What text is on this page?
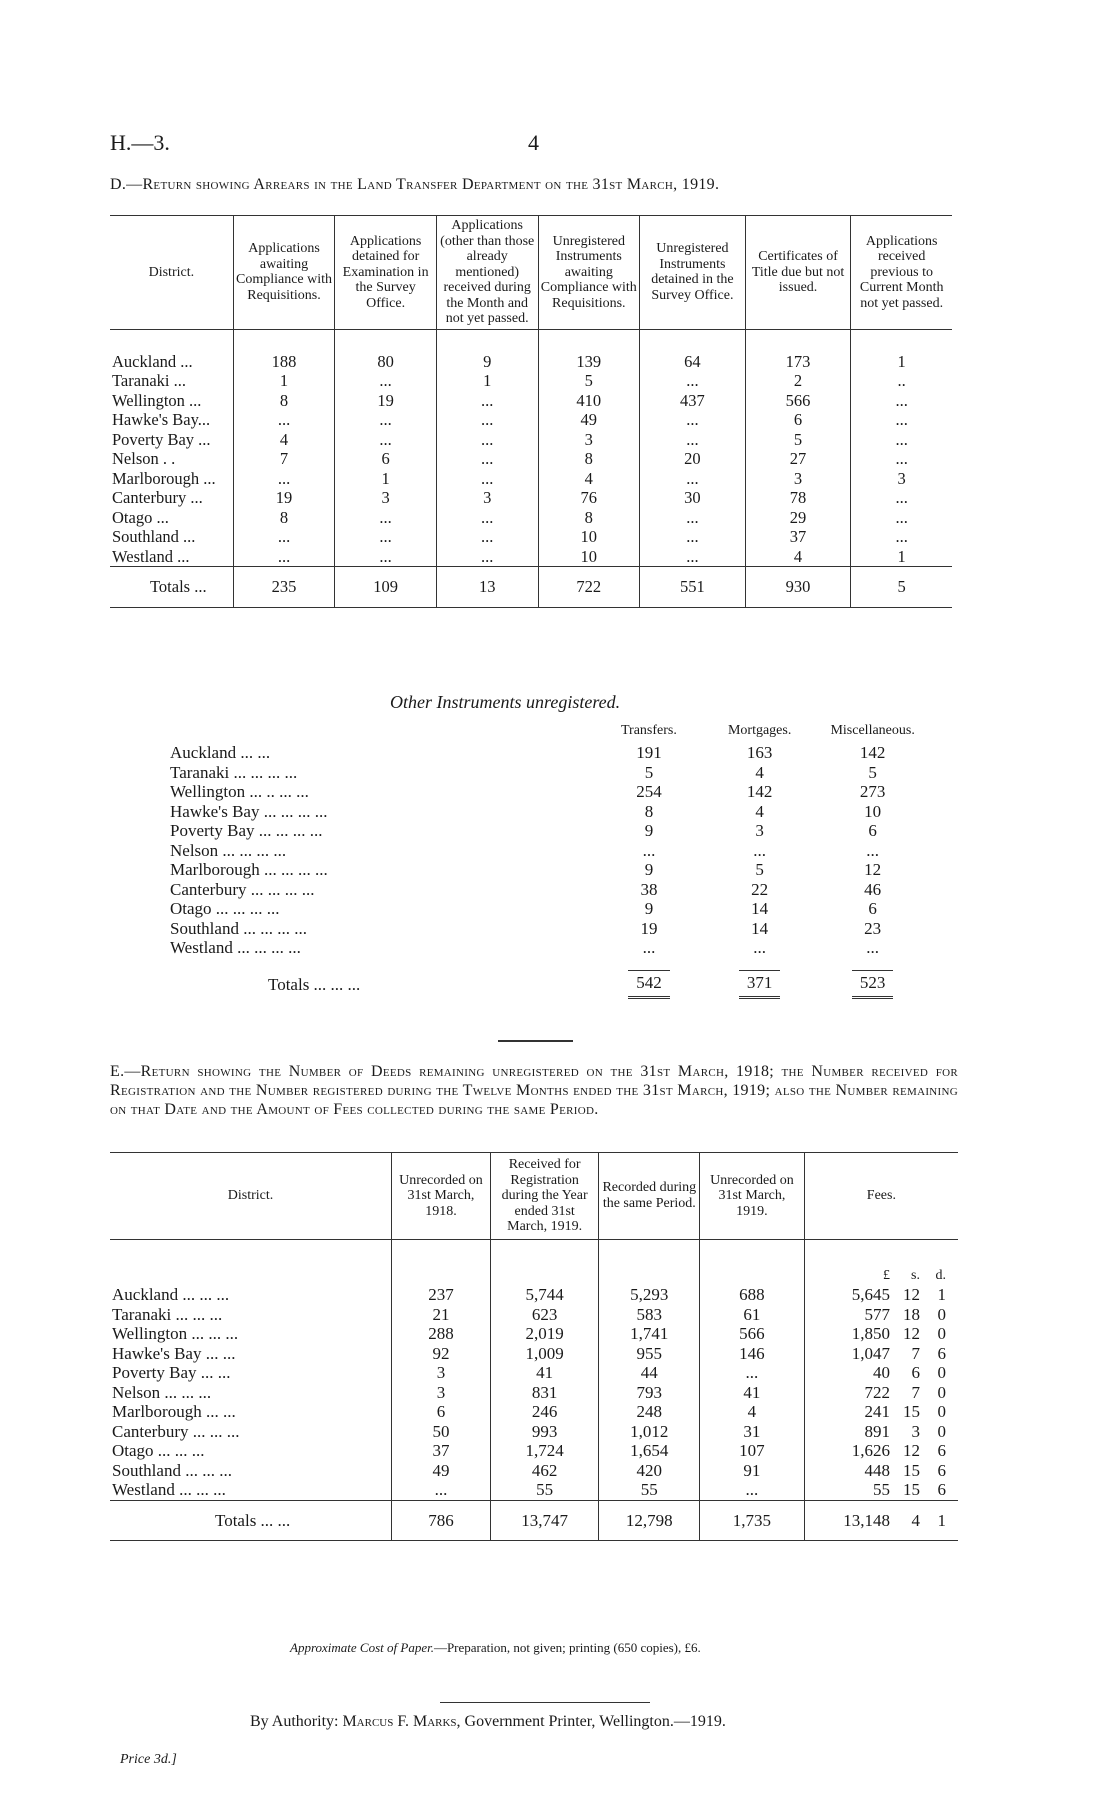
H.—3.	4
D.—Return showing Arrears in the Land Transfer Department on the 31st March, 1919.
District.	Applications awaiting Compliance with Requisitions.	Applications detained for Examination in the Survey Office.	Applications (other than those already mentioned) received during the Month and not yet passed.	Unregistered Instruments awaiting Compliance with Requisitions.	Unregistered Instruments detained in the Survey Office.	Certificates of Title due but not issued.	Applications received previous to Current Month not yet passed.
Auckland ...	188	80	9	139	64	173	1
Taranaki ...	1	...	1	5	...	2	..
Wellington ...	8	19	...	410	437	566	...
Hawke's Bay...	...	...	...	49	...	6	...
Poverty Bay ...	4	...	...	3	...	5	...
Nelson . .	7	6	...	8	20	27	...
Marlborough ...	...	1	...	4	...	3	3
Canterbury ...	19	3	3	76	30	78	...
Otago ...	8	...	...	8	...	29	...
Southland ...	...	...	...	10	...	37	...
Westland ...	...	...	...	10	...	4	1
Totals ...	235	109	13	722	551	930	5
Other Instruments unregistered.
	Transfers.	Mortgages.	Miscellaneous.
Auckland ... ...	191	163	142
Taranaki ... ... ... ...	5	4	5
Wellington ... .. ... ...	254	142	273
Hawke's Bay ... ... ... ...	8	4	10
Poverty Bay ... ... ... ...	9	3	6
Nelson ... ... ... ...	...	...	...
Marlborough ... ... ... ...	9	5	12
Canterbury ... ... ... ...	38	22	46
Otago ... ... ... ...	9	14	6
Southland ... ... ... ...	19	14	23
Westland ... ... ... ...	...	...	...
Totals ... ... ...	542	371	523
E.—Return showing the Number of Deeds remaining unregistered on the 31st March, 1918; the Number received for Registration and the Number registered during the Twelve Months ended the 31st March, 1919; also the Number remaining on that Date and the Amount of Fees collected during the same Period.
District.	Unrecorded on 31st March, 1918.	Received for Registration during the Year ended 31st March, 1919.	Recorded during the same Period.	Unrecorded on 31st March, 1919.	Fees.
					£ s. d.
Auckland ... ... ...	237	5,744	5,293	688	5,645 12 1
Taranaki ... ... ...	21	623	583	61	577 18 0
Wellington ... ... ...	288	2,019	1,741	566	1,850 12 0
Hawke's Bay ... ...	92	1,009	955	146	1,047 7 6
Poverty Bay ... ...	3	41	44	...	40 6 0
Nelson ... ... ...	3	831	793	41	722 7 0
Marlborough ... ...	6	246	248	4	241 15 0
Canterbury ... ... ...	50	993	1,012	31	891 3 0
Otago ... ... ...	37	1,724	1,654	107	1,626 12 6
Southland ... ... ...	49	462	420	91	448 15 6
Westland ... ... ...	...	55	55	...	55 15 6
Totals ... ...	786	13,747	12,798	1,735	13,148 4 1
Approximate Cost of Paper.—Preparation, not given; printing (650 copies), £6.
By Authority: Marcus F. Marks, Government Printer, Wellington.—1919.
Price 3d.]
